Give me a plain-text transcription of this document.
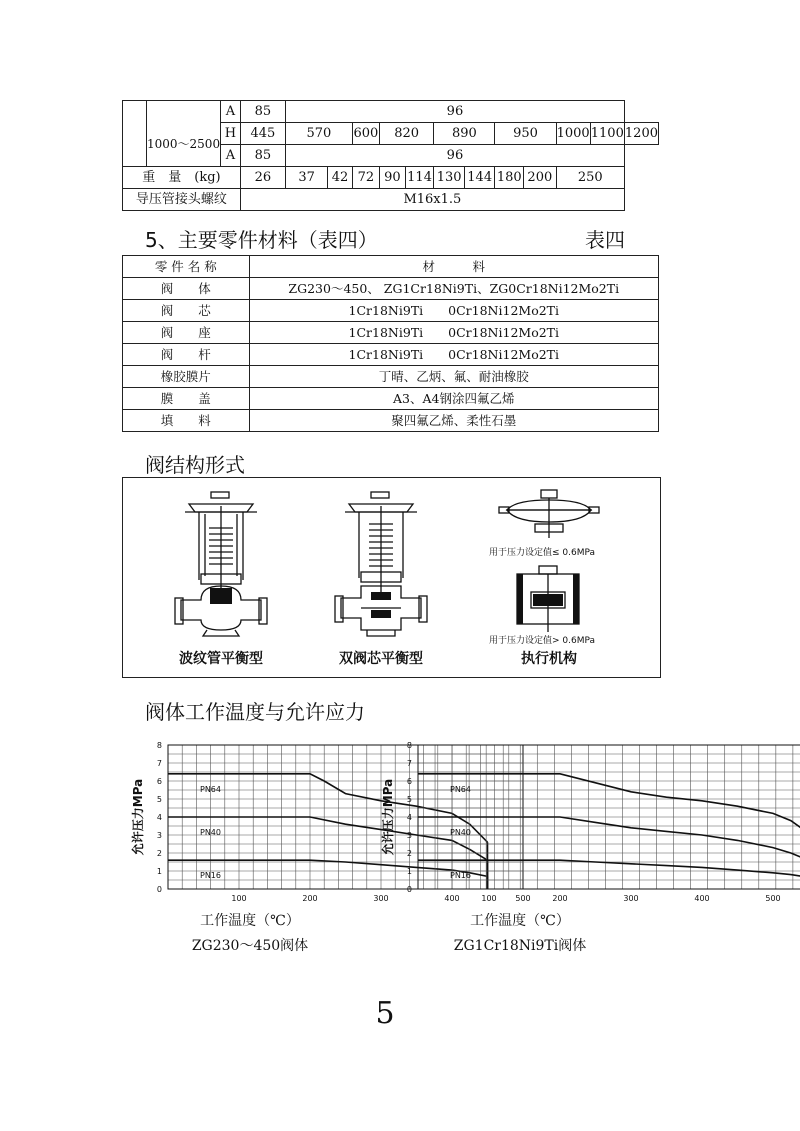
		A	85	96											
	1000～2500	H	445	570		600	820		890		950		1000	1100	1200
		A	85	96											
重　量　(kg)			26	37	42	72	90	114	130	144	180	200	250		
导压管接头螺纹			M16x1.5												
5、主要零件材料（表四）	表四
零 件 名 称	材　　　料
阀　　体	ZG230～450、 ZG1Cr18Ni9Ti、ZG0Cr18Ni12Mo2Ti
阀　　芯	1Cr18Ni9Ti　　0Cr18Ni12Mo2Ti
阀　　座	1Cr18Ni9Ti　　0Cr18Ni12Mo2Ti
阀　　杆	1Cr18Ni9Ti　　0Cr18Ni12Mo2Ti
橡胶膜片	丁晴、乙炳、氟、耐油橡胶
膜　　盖	A3、A4钢涂四氟乙烯
填　　料	聚四氟乙烯、柔性石墨
阀结构形式
用于压力设定值≤ 0.6MPa
用于压力设定值> 0.6MPa
波纹管平衡型	双阀芯平衡型	执行机构
阀体工作温度与允许应力
0
1
2
3
4
5
6
7
8
100	200	300	400	500
允许压力MPa	PN64
PN40
PN16
工作温度（℃）
ZG230～450阀体
0
1
2
3
4
5
6
7
8
100	200	300	400	500
允许压力MPa	PN64
PN40
PN16
工作温度（℃）
ZG1Cr18Ni9Ti阀体
5
